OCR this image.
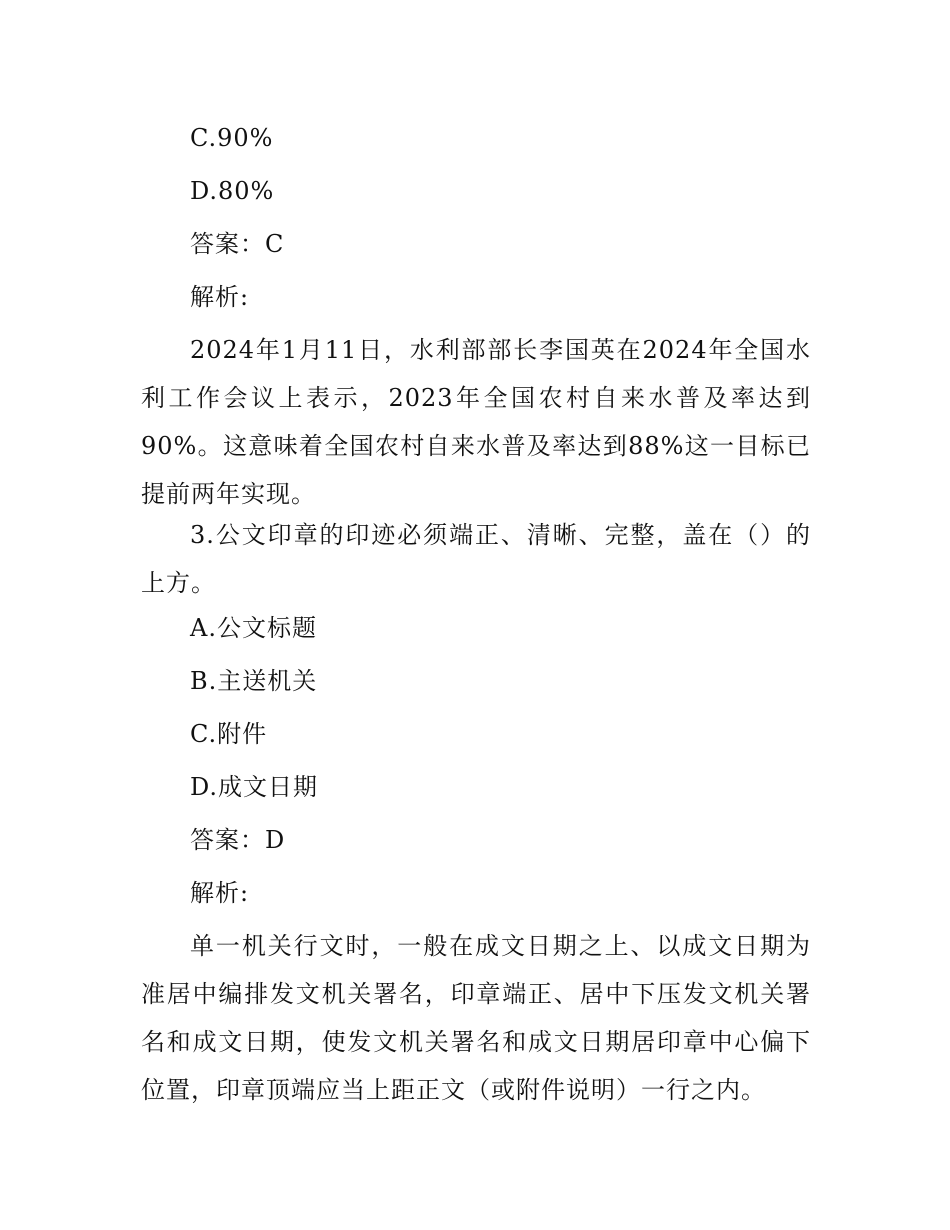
C.90%
D.80%
答案：C
解析:

2024年1月11日，水利部部长李国英在2024年全国水利工作会议上表示，2023年全国农村自来水普及率达到90%。这意味着全国农村自来水普及率达到88%这一目标已提前两年实现。

3.公文印章的印迹必须端正、清晰、完整，盖在（）的上方。

A.公文标题
B.主送机关
C.附件
D.成文日期
答案：D
解析:

单一机关行文时，一般在成文日期之上、以成文日期为准居中编排发文机关署名，印章端正、居中下压发文机关署名和成文日期，使发文机关署名和成文日期居印章中心偏下位置，印章顶端应当上距正文（或附件说明）一行之内。
